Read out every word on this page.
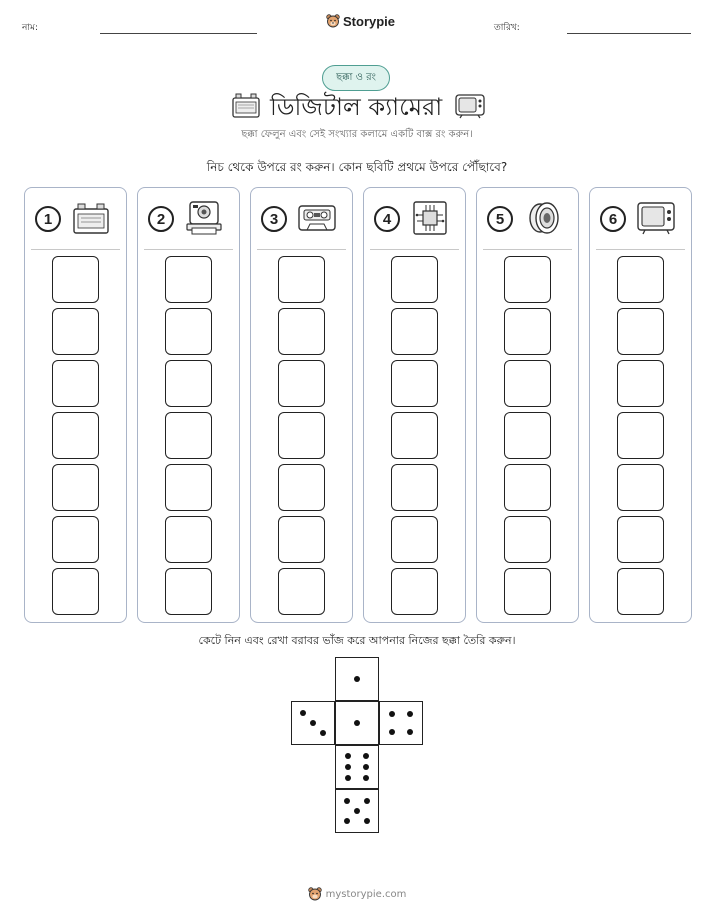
নাম:	Storypie	তারিখ:
ছক্কা ও রং
ডিজিটাল ক্যামেরা
ছক্কা ফেলুন এবং সেই সংখ্যার কলামে একটি বাক্স রং করুন।
নিচ থেকে উপরে রং করুন। কোন ছবিটি প্রথমে উপরে পৌঁছাবে?
1	2	3	4	5	6
কেটে নিন এবং রেখা বরাবর ভাঁজ করে আপনার নিজের ছক্কা তৈরি করুন।
mystorypie.com
